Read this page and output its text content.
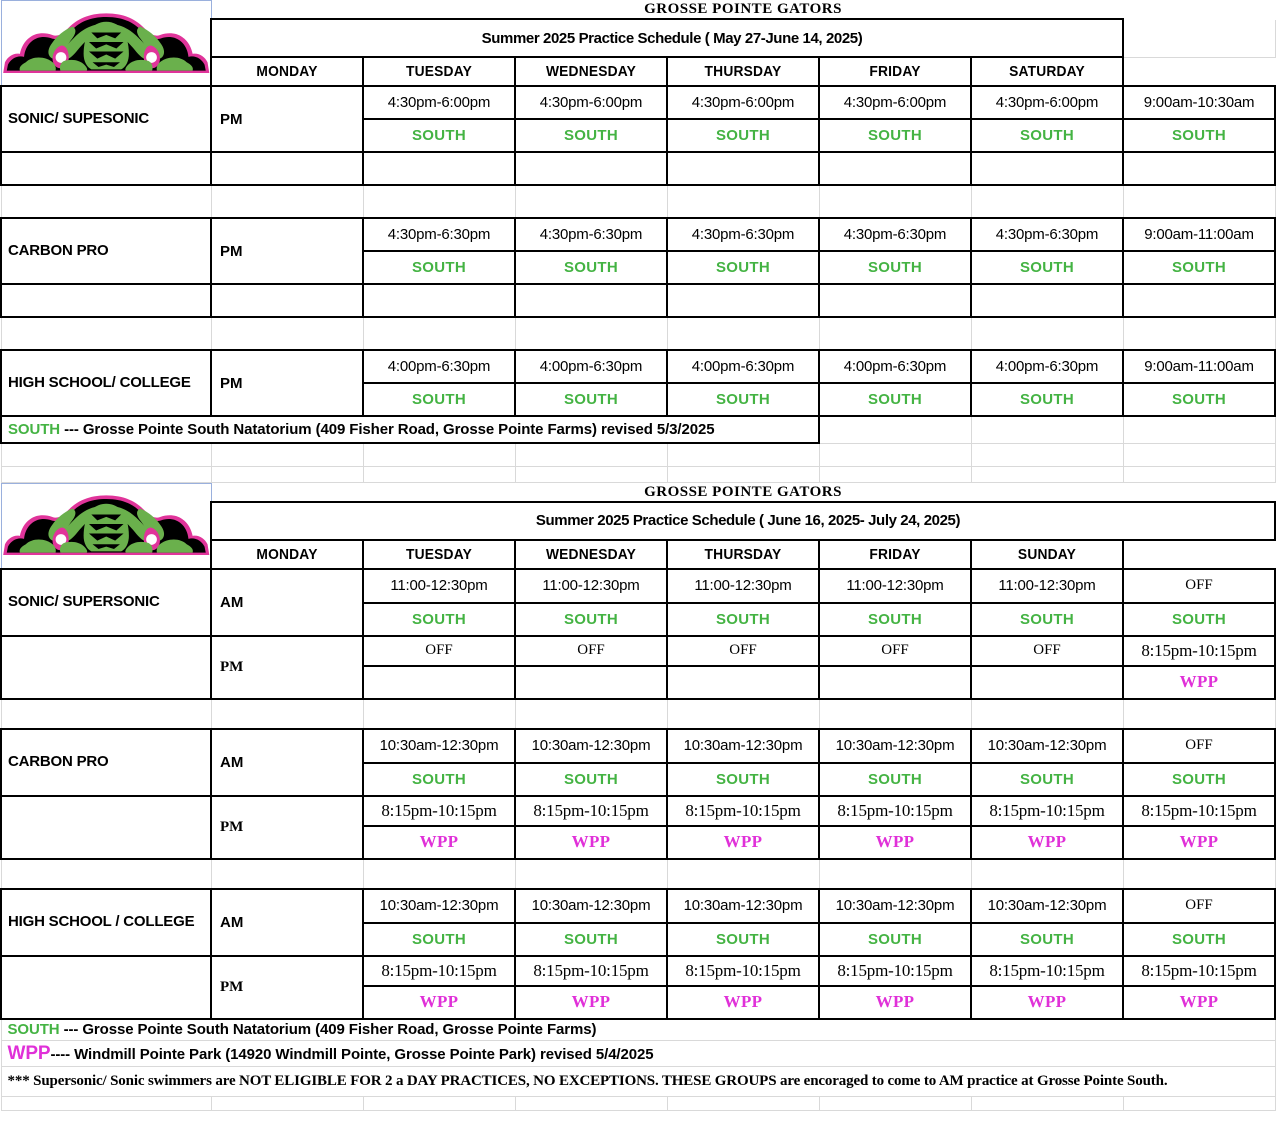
	GROSSE POINTE GATORS							
	Summer 2025 Practice Schedule ( May 27-June 14, 2025)							
	MONDAY	TUESDAY	WEDNESDAY	THURSDAY	FRIDAY	SATURDAY		
SONIC/ SUPESONIC	PM	4:30pm-6:00pm	4:30pm-6:00pm	4:30pm-6:00pm	4:30pm-6:00pm	4:30pm-6:00pm	9:00am-10:30am	
		SOUTH	SOUTH	SOUTH	SOUTH	SOUTH	SOUTH	

CARBON PRO	PM	4:30pm-6:30pm	4:30pm-6:30pm	4:30pm-6:30pm	4:30pm-6:30pm	4:30pm-6:30pm	9:00am-11:00am	
		SOUTH	SOUTH	SOUTH	SOUTH	SOUTH	SOUTH	

HIGH SCHOOL/ COLLEGE	PM	4:00pm-6:30pm	4:00pm-6:30pm	4:00pm-6:30pm	4:00pm-6:30pm	4:00pm-6:30pm	9:00am-11:00am	
		SOUTH	SOUTH	SOUTH	SOUTH	SOUTH	SOUTH	
SOUTH --- Grosse Pointe South Natatorium (409 Fisher Road, Grosse Pointe Farms) revised 5/3/2025								

	GROSSE POINTE GATORS							
	Summer 2025 Practice Schedule ( June 16, 2025- July 24, 2025)							
	MONDAY	TUESDAY	WEDNESDAY	THURSDAY	FRIDAY	SUNDAY		
SONIC/ SUPERSONIC	AM	11:00-12:30pm	11:00-12:30pm	11:00-12:30pm	11:00-12:30pm	11:00-12:30pm	OFF	
		SOUTH	SOUTH	SOUTH	SOUTH	SOUTH	SOUTH	
	PM	OFF	OFF	OFF	OFF	OFF	8:15pm-10:15pm	
							WPP	

CARBON PRO	AM	10:30am-12:30pm	10:30am-12:30pm	10:30am-12:30pm	10:30am-12:30pm	10:30am-12:30pm	OFF	
		SOUTH	SOUTH	SOUTH	SOUTH	SOUTH	SOUTH	
	PM	8:15pm-10:15pm	8:15pm-10:15pm	8:15pm-10:15pm	8:15pm-10:15pm	8:15pm-10:15pm	8:15pm-10:15pm	
		WPP	WPP	WPP	WPP	WPP	WPP	

HIGH SCHOOL / COLLEGE	AM	10:30am-12:30pm	10:30am-12:30pm	10:30am-12:30pm	10:30am-12:30pm	10:30am-12:30pm	OFF	
		SOUTH	SOUTH	SOUTH	SOUTH	SOUTH	SOUTH	
	PM	8:15pm-10:15pm	8:15pm-10:15pm	8:15pm-10:15pm	8:15pm-10:15pm	8:15pm-10:15pm	8:15pm-10:15pm	
		WPP	WPP	WPP	WPP	WPP	WPP	
SOUTH --- Grosse Pointe South Natatorium (409 Fisher Road, Grosse Pointe Farms)								
WPP---- Windmill Pointe Park (14920 Windmill Pointe, Grosse Pointe Park) revised 5/4/2025								
*** Supersonic/ Sonic swimmers are NOT ELIGIBLE FOR 2 a DAY PRACTICES, NO EXCEPTIONS. THESE GROUPS are encoraged to come to AM practice at Grosse Pointe South.								
